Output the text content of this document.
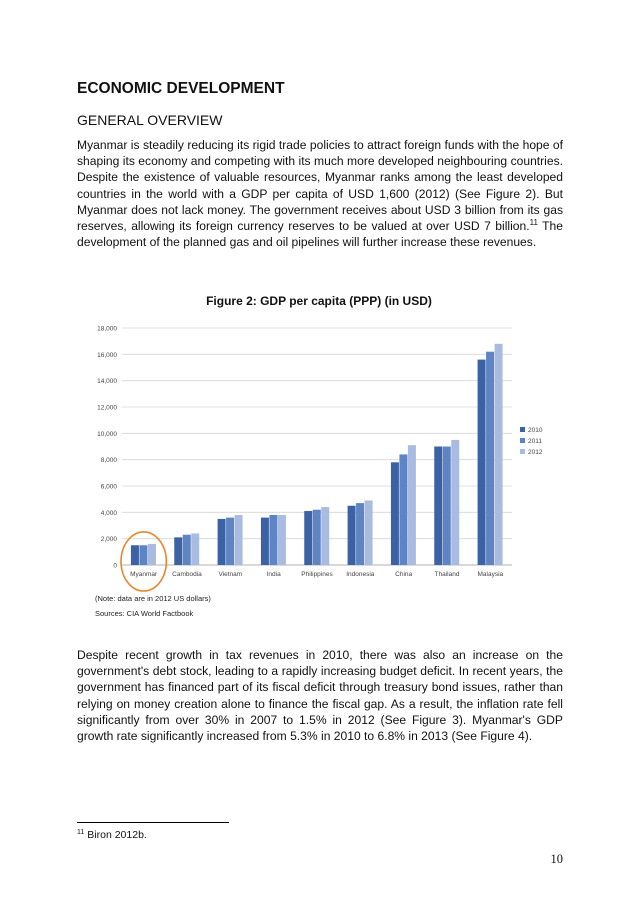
ECONOMIC DEVELOPMENT
GENERAL OVERVIEW
Myanmar is steadily reducing its rigid trade policies to attract foreign funds with the hope of shaping its economy and competing with its much more developed neighbouring countries. Despite the existence of valuable resources, Myanmar ranks among the least developed countries in the world with a GDP per capita of USD 1,600 (2012) (See Figure 2). But Myanmar does not lack money. The government receives about USD 3 billion from its gas reserves, allowing its foreign currency reserves to be valued at over USD 7 billion.$^{11}$ The development of the planned gas and oil pipelines will further increase these revenues.
Figure 2: GDP per capita (PPP) (in USD)
0
2,000
4,000
6,000
8,000
10,000
12,000
14,000
16,000
18,000
Myanmar Cambodia	Vietnam	India	Philippines Indonesia	China	Thailand	Malaysia
2010
2011
2012
(Note: data are in 2012 US dollars)
Sources: CIA World Factbook
Despite recent growth in tax revenues in 2010, there was also an increase on the government's debt stock, leading to a rapidly increasing budget deficit. In recent years, the government has financed part of its fiscal deficit through treasury bond issues, rather than relying on money creation alone to finance the fiscal gap. As a result, the inflation rate fell significantly from over 30% in 2007 to 1.5% in 2012 (See Figure 3). Myanmar's GDP growth rate significantly increased from 5.3% in 2010 to 6.8% in 2013 (See Figure 4).
$^{11}$ Biron 2012b.
10
